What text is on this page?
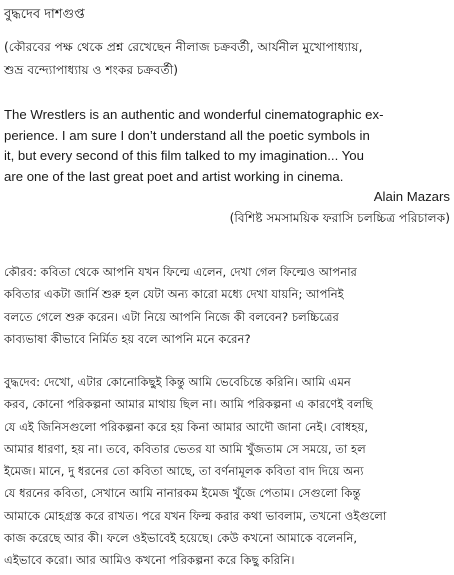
বুদ্ধদেব দাশগুপ্ত
(কৌরবের পক্ষ থেকে প্রশ্ন রেখেছেন নীলাজ চক্রবর্তী, আর্যনীল মুখোপাধ্যায়,
শুভ্র বন্দ্যোপাধ্যায় ও শংকর চক্রবর্তী)
The Wrestlers is an authentic and wonderful cinematographic ex-
perience. I am sure I don’t understand all the poetic symbols in
it, but every second of this film talked to my imagination... You
are one of the last great poet and artist working in cinema.
Alain Mazars
(বিশিষ্ট সমসাময়িক ফরাসি চলচ্চিত্র পরিচালক)
কৌরব: কবিতা থেকে আপনি যখন ফিল্মে এলেন, দেখা গেল ফিল্মেও আপনার
কবিতার একটা জার্নি শুরু হল যেটা অন্য কারো মধ্যে দেখা যায়নি; আপনিই
বলতে গেলে শুরু করেন। এটা নিয়ে আপনি নিজে কী বলবেন? চলচ্চিত্রের
কাব্যভাষা কীভাবে নির্মিত হয় বলে আপনি মনে করেন?
বুদ্ধদেব: দেখো, এটার কোনোকিছুই কিন্তু আমি ভেবেচিন্তে করিনি। আমি এমন
করব, কোনো পরিকল্পনা আমার মাথায় ছিল না। আমি পরিকল্পনা এ কারণেই বলছি
যে এই জিনিসগুলো পরিকল্পনা করে হয় কিনা আমার আদৌ জানা নেই। বোধহয়,
আমার ধারণা, হয় না। তবে, কবিতার ভেতর যা আমি খুঁজতাম সে সময়ে, তা হল
ইমেজ। মানে, দু ধরনের তো কবিতা আছে, তা বর্ণনামূলক কবিতা বাদ দিয়ে অন্য
যে ধরনের কবিতা, সেখানে আমি নানারকম ইমেজ খুঁজে পেতাম। সেগুলো কিন্তু
আমাকে মোহগ্রস্ত করে রাখত। পরে যখন ফিল্ম করার কথা ভাবলাম, তখনো ওইগুলো
কাজ করেছে আর কী। ফলে ওইভাবেই হয়েছে। কেউ কখনো আমাকে বলেননি,
এইভাবে করো। আর আমিও কখনো পরিকল্পনা করে কিছু করিনি।
